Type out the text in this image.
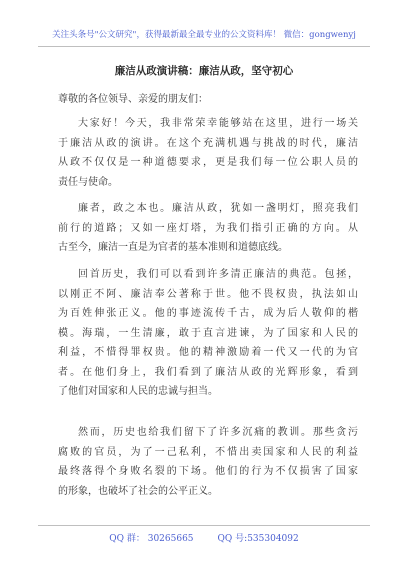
关注头条号"公文研究"，获得最新最全最专业的公文资料库！ 微信：gongwenyj
廉洁从政演讲稿：廉洁从政，坚守初心
尊敬的各位领导、亲爱的朋友们：
大家好！今天，我非常荣幸能够站在这里，进行一场关
于廉洁从政的演讲。在这个充满机遇与挑战的时代，廉洁
从政不仅仅是一种道德要求，更是我们每一位公职人员的
责任与使命。
廉者，政之本也。廉洁从政，犹如一盏明灯，照亮我们
前行的道路；又如一座灯塔，为我们指引正确的方向。从
古至今，廉洁一直是为官者的基本准则和道德底线。
回首历史，我们可以看到许多清正廉洁的典范。包拯，
以刚正不阿、廉洁奉公著称于世。他不畏权贵，执法如山
为百姓伸张正义。他的事迹流传千古，成为后人敬仰的楷
模。海瑞，一生清廉，敢于直言进谏，为了国家和人民的
利益，不惜得罪权贵。他的精神激励着一代又一代的为官
者。在他们身上，我们看到了廉洁从政的光辉形象，看到
了他们对国家和人民的忠诚与担当。
然而，历史也给我们留下了许多沉痛的教训。那些贪污
腐败的官员，为了一己私利，不惜出卖国家和人民的利益
最终落得个身败名裂的下场。他们的行为不仅损害了国家
的形象，也破坏了社会的公平正义。
QQ 群： 30265665	QQ 号:535304092
